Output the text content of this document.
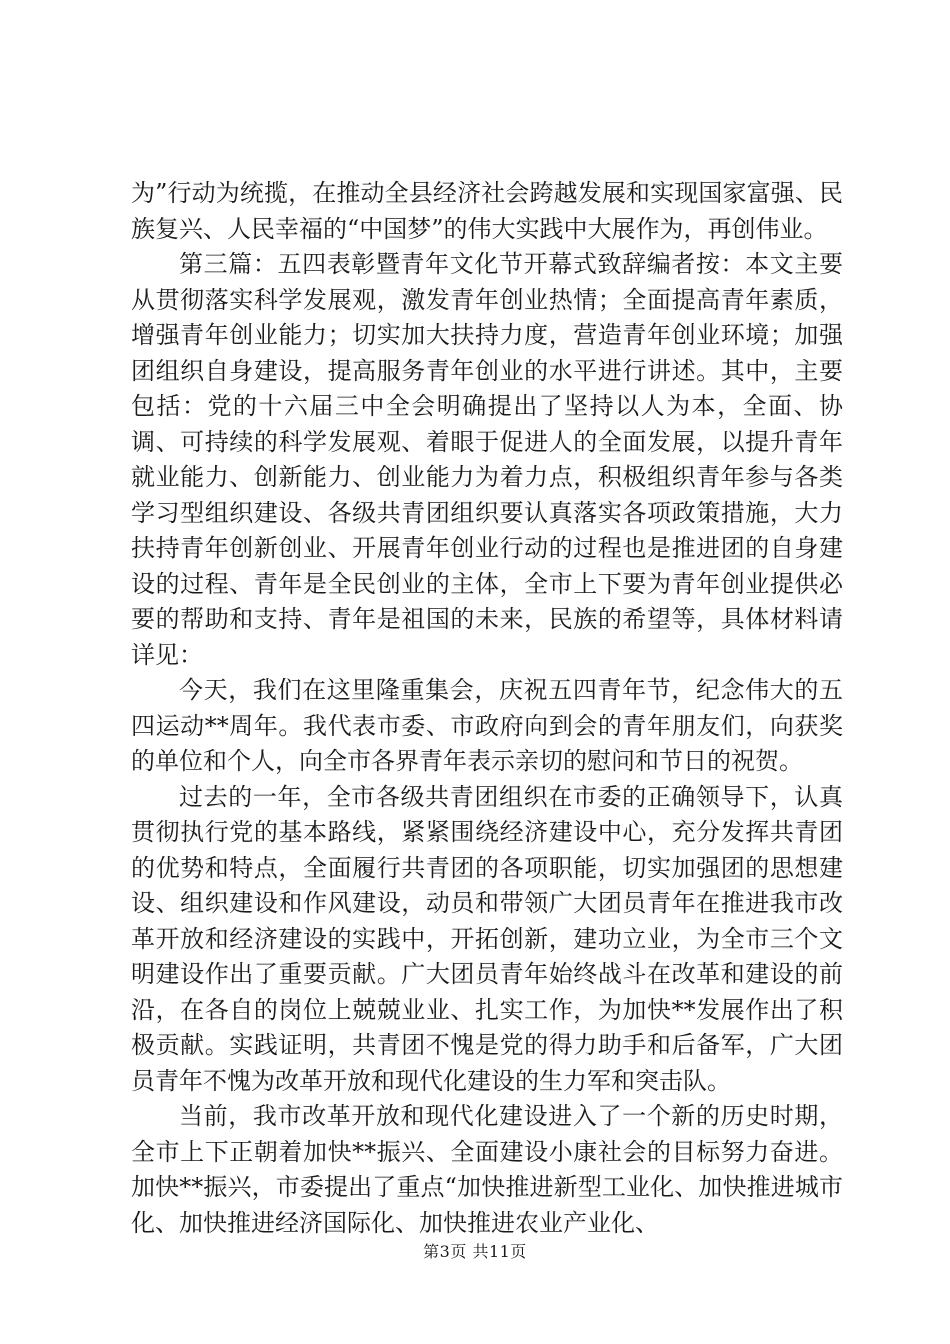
为”行动为统揽，在推动全县经济社会跨越发展和实现国家富强、民族复兴、人民幸福的“中国梦”的伟大实践中大展作为，再创伟业。

第三篇：五四表彰暨青年文化节开幕式致辞编者按：本文主要从贯彻落实科学发展观，激发青年创业热情；全面提高青年素质，增强青年创业能力；切实加大扶持力度，营造青年创业环境；加强团组织自身建设，提高服务青年创业的水平进行讲述。其中，主要包括：党的十六届三中全会明确提出了坚持以人为本，全面、协调、可持续的科学发展观、着眼于促进人的全面发展，以提升青年就业能力、创新能力、创业能力为着力点，积极组织青年参与各类学习型组织建设、各级共青团组织要认真落实各项政策措施，大力扶持青年创新创业、开展青年创业行动的过程也是推进团的自身建设的过程、青年是全民创业的主体，全市上下要为青年创业提供必要的帮助和支持、青年是祖国的未来，民族的希望等，具体材料请详见：

今天，我们在这里隆重集会，庆祝五四青年节，纪念伟大的五四运动**周年。我代表市委、市政府向到会的青年朋友们，向获奖的单位和个人，向全市各界青年表示亲切的慰问和节日的祝贺。

过去的一年，全市各级共青团组织在市委的正确领导下，认真贯彻执行党的基本路线，紧紧围绕经济建设中心，充分发挥共青团的优势和特点，全面履行共青团的各项职能，切实加强团的思想建设、组织建设和作风建设，动员和带领广大团员青年在推进我市改革开放和经济建设的实践中，开拓创新，建功立业，为全市三个文明建设作出了重要贡献。广大团员青年始终战斗在改革和建设的前沿，在各自的岗位上兢兢业业、扎实工作，为加快**发展作出了积极贡献。实践证明，共青团不愧是党的得力助手和后备军，广大团员青年不愧为改革开放和现代化建设的生力军和突击队。

当前，我市改革开放和现代化建设进入了一个新的历史时期，全市上下正朝着加快**振兴、全面建设小康社会的目标努力奋进。加快**振兴，市委提出了重点“加快推进新型工业化、加快推进城市化、加快推进经济国际化、加快推进农业产业化、

第3页 共11页
